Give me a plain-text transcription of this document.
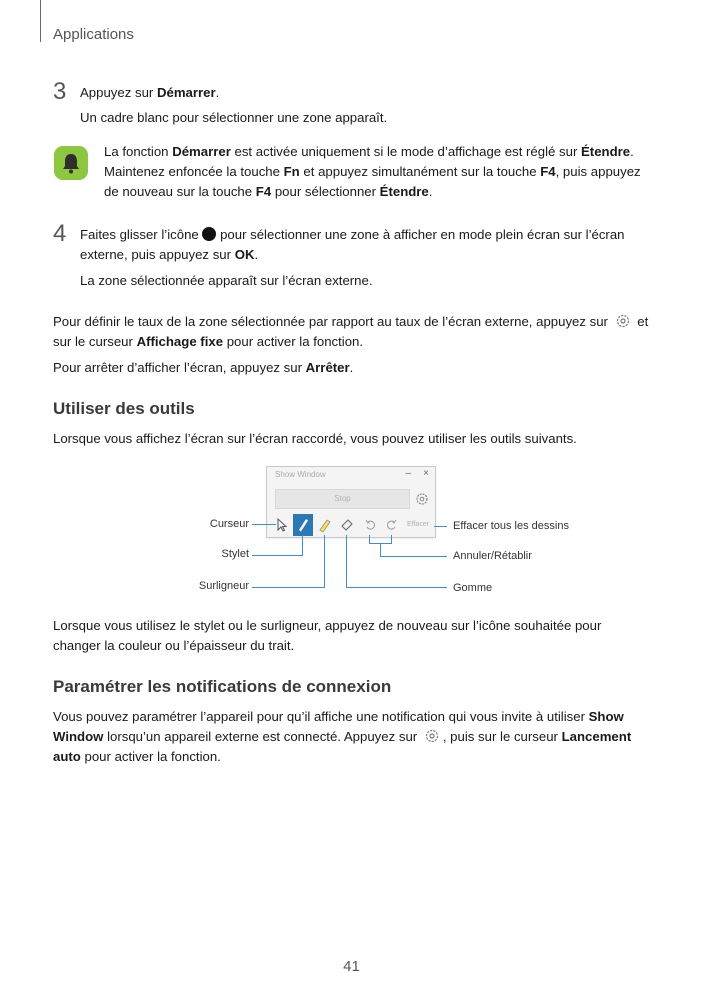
Applications
3 Appuyez sur Démarrer.
Un cadre blanc pour sélectionner une zone apparaît.
La fonction Démarrer est activée uniquement si le mode d’affichage est réglé sur Étendre.
Maintenez enfoncée la touche Fn et appuyez simultanément sur la touche F4, puis appuyez
de nouveau sur la touche F4 pour sélectionner Étendre.
4 Faites glisser l’icône  pour sélectionner une zone à afficher en mode plein écran sur l’écran
externe, puis appuyez sur OK.
La zone sélectionnée apparaît sur l’écran externe.
Pour définir le taux de la zone sélectionnée par rapport au taux de l’écran externe, appuyez sur  et
sur le curseur Affichage fixe pour activer la fonction.
Pour arrêter d’afficher l’écran, appuyez sur Arrêter.
Utiliser des outils
Lorsque vous affichez l’écran sur l’écran raccordé, vous pouvez utiliser les outils suivants.
Show Window	– ×
Stop
Effacer
Curseur
Stylet
Surligneur
Effacer tous les dessins
Annuler/Rétablir
Gomme
Lorsque vous utilisez le stylet ou le surligneur, appuyez de nouveau sur l’icône souhaitée pour
changer la couleur ou l’épaisseur du trait.
Paramétrer les notifications de connexion
Vous pouvez paramétrer l’appareil pour qu’il affiche une notification qui vous invite à utiliser Show
Window lorsqu’un appareil externe est connecté. Appuyez sur , puis sur le curseur Lancement
auto pour activer la fonction.
41
